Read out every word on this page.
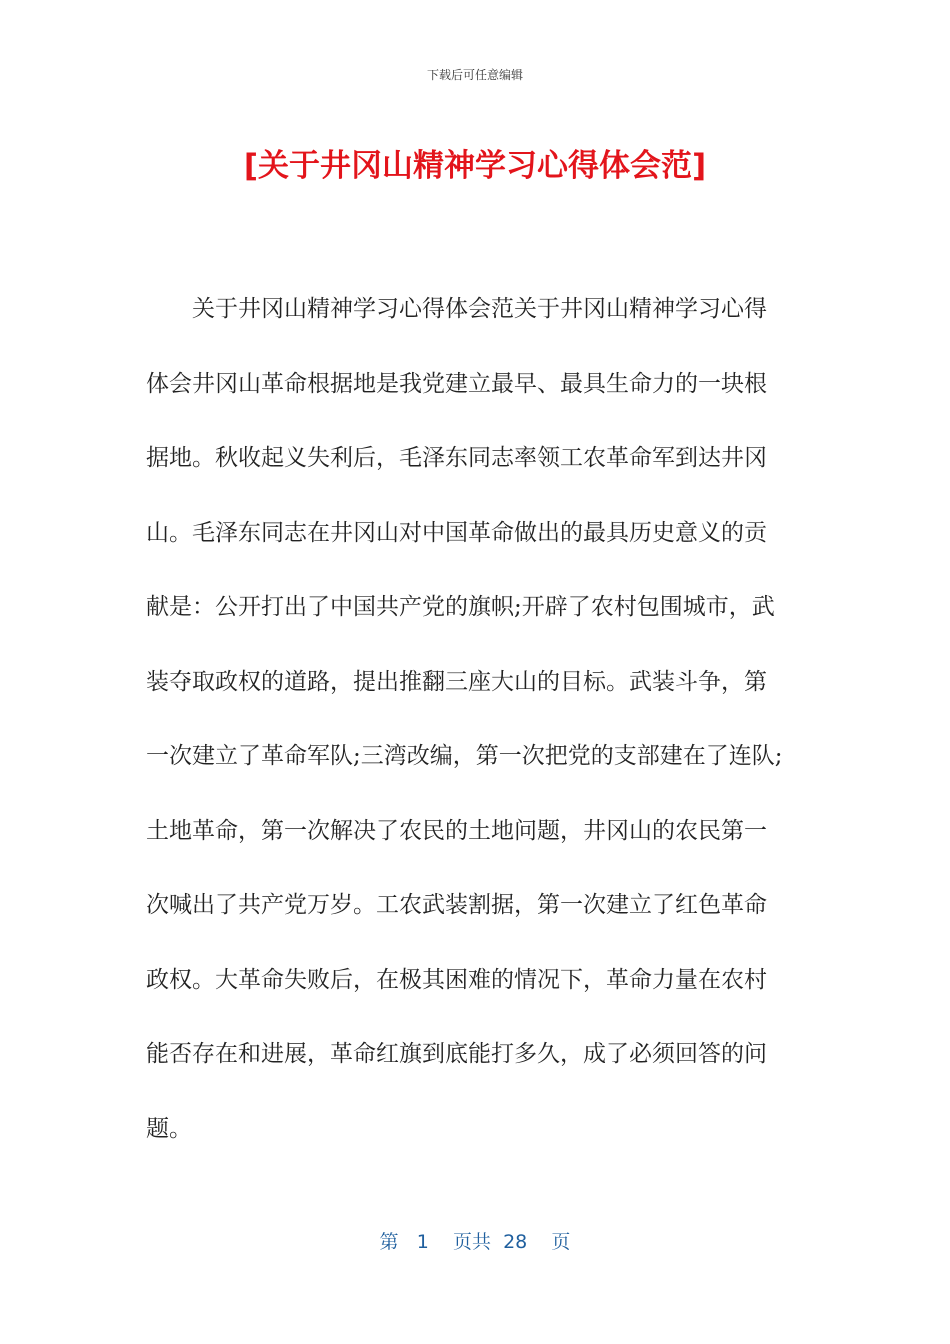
下载后可任意编辑
[关于井冈山精神学习心得体会范]
关于井冈山精神学习心得体会范关于井冈山精神学习心得
体会井冈山革命根据地是我党建立最早、最具生命力的一块根
据地。秋收起义失利后，毛泽东同志率领工农革命军到达井冈
山。毛泽东同志在井冈山对中国革命做出的最具历史意义的贡
献是：公开打出了中国共产党的旗帜;开辟了农村包围城市，武
装夺取政权的道路，提出推翻三座大山的目标。武装斗争，第
一次建立了革命军队;三湾改编，第一次把党的支部建在了连队;
土地革命，第一次解决了农民的土地问题，井冈山的农民第一
次喊出了共产党万岁。工农武装割据，第一次建立了红色革命
政权。大革命失败后，在极其困难的情况下，革命力量在农村
能否存在和进展，革命红旗到底能打多久，成了必须回答的问
题。
第 1 页共 28 页
